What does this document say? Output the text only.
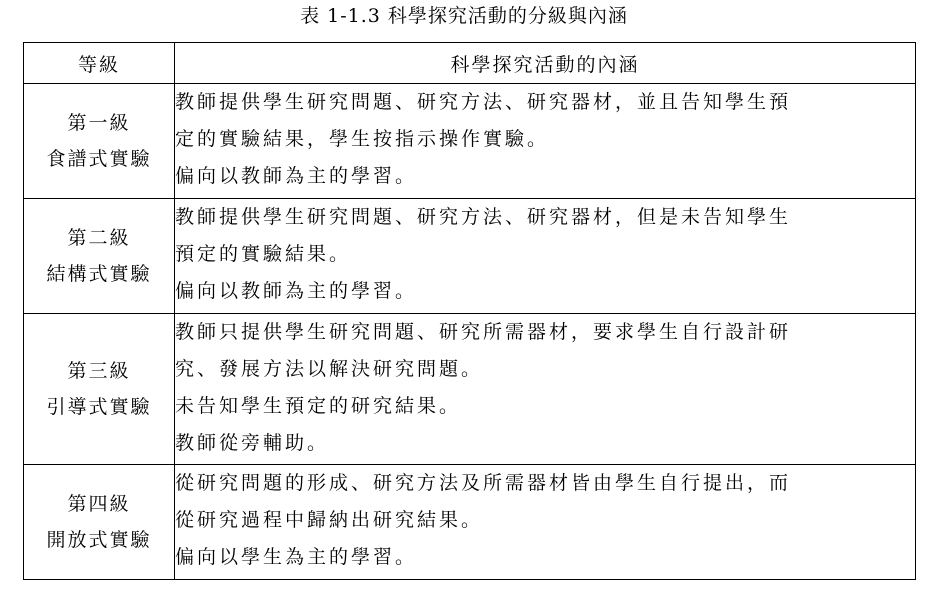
表 1-1.3 科學探究活動的分級與內涵
等級	科學探究活動的內涵

第一級
食譜式實驗	教師提供學生研究問題、研究方法、研究器材，並且告知學生預
定的實驗結果，學生按指示操作實驗。
偏向以教師為主的學習。

第二級
結構式實驗	教師提供學生研究問題、研究方法、研究器材，但是未告知學生
預定的實驗結果。
偏向以教師為主的學習。

第三級
引導式實驗	教師只提供學生研究問題、研究所需器材，要求學生自行設計研
究、發展方法以解決研究問題。
未告知學生預定的研究結果。
教師從旁輔助。

第四級
開放式實驗	從研究問題的形成、研究方法及所需器材皆由學生自行提出，而
從研究過程中歸納出研究結果。
偏向以學生為主的學習。
